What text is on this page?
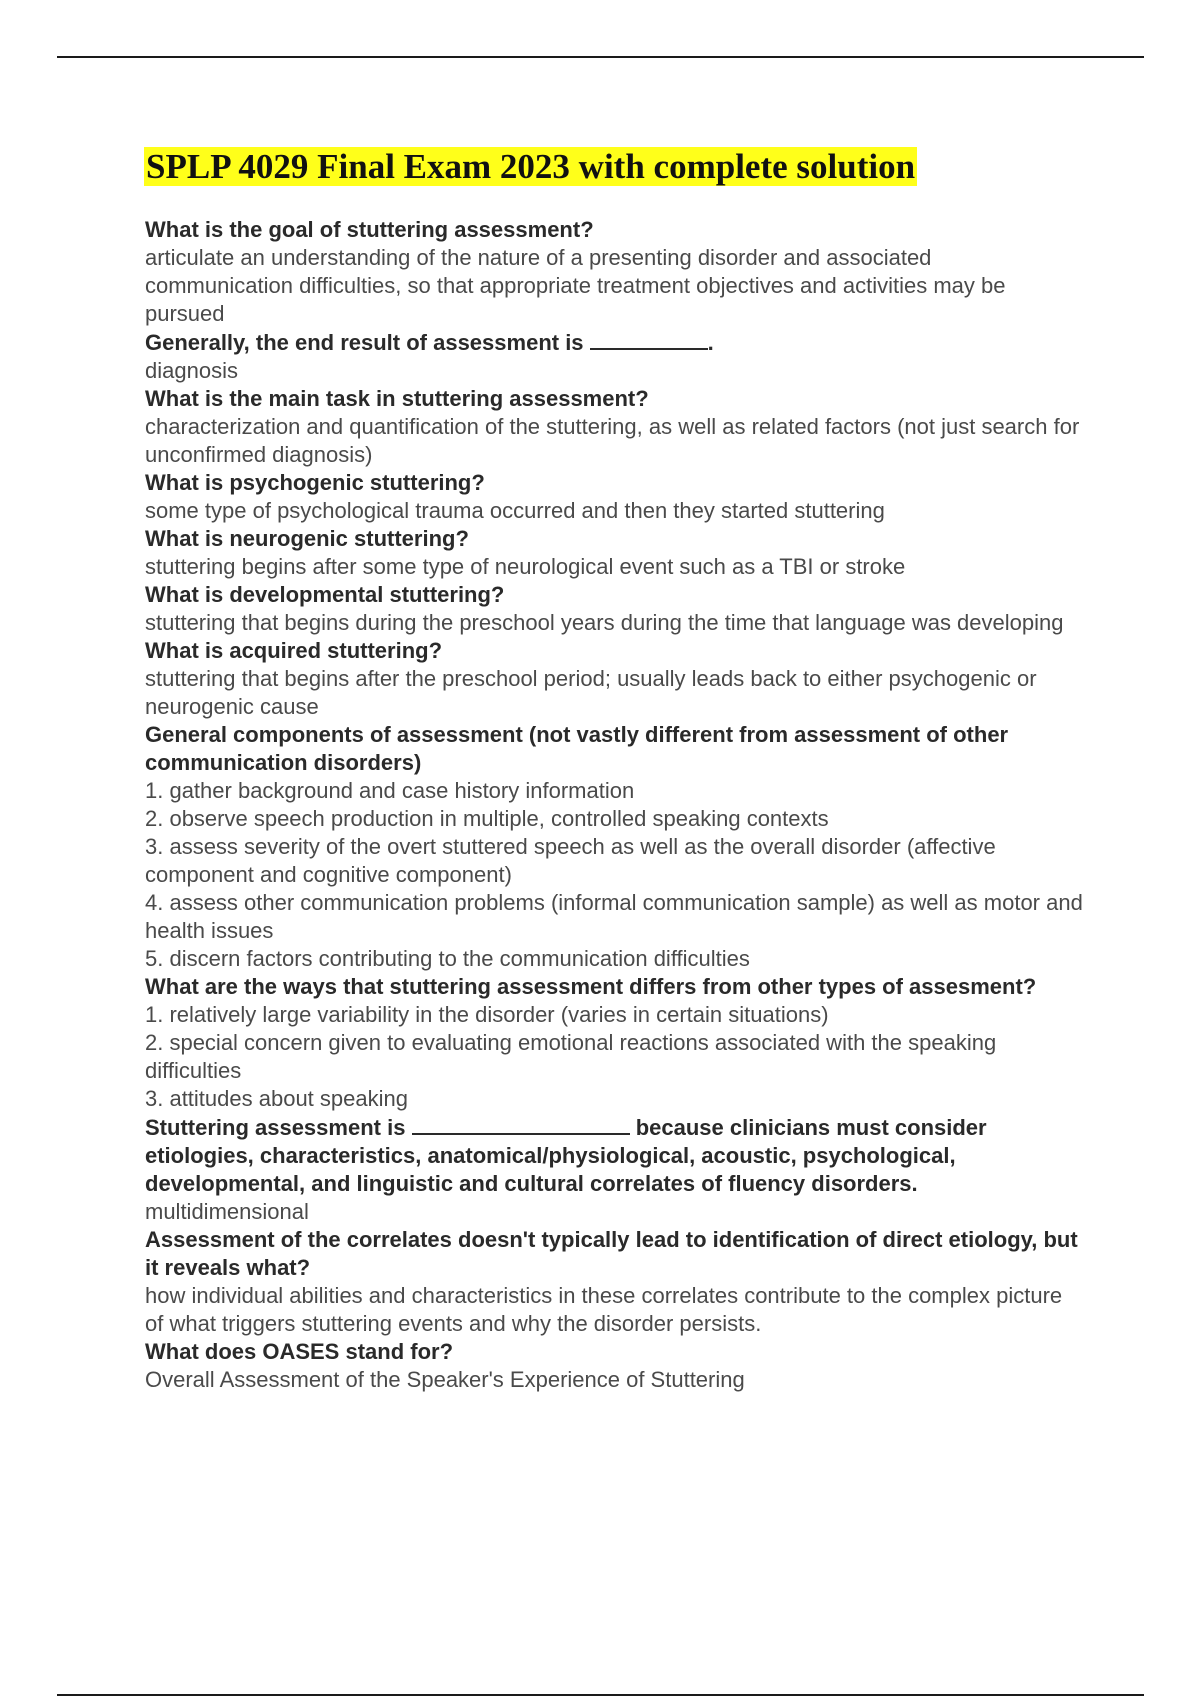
SPLP 4029 Final Exam 2023 with complete solution

What is the goal of stuttering assessment?

articulate an understanding of the nature of a presenting disorder and associated communication difficulties, so that appropriate treatment objectives and activities may be pursued

Generally, the end result of assessment is	.

diagnosis

What is the main task in stuttering assessment?

characterization and quantification of the stuttering, as well as related factors (not just search for unconfirmed diagnosis)

What is psychogenic stuttering?

some type of psychological trauma occurred and then they started stuttering

What is neurogenic stuttering?

stuttering begins after some type of neurological event such as a TBI or stroke

What is developmental stuttering?

stuttering that begins during the preschool years during the time that language was developing

What is acquired stuttering?

stuttering that begins after the preschool period; usually leads back to either psychogenic or neurogenic cause

General components of assessment (not vastly different from assessment of other communication disorders)

1. gather background and case history information

2. observe speech production in multiple, controlled speaking contexts

3. assess severity of the overt stuttered speech as well as the overall disorder (affective component and cognitive component)

4. assess other communication problems (informal communication sample) as well as motor and health issues

5. discern factors contributing to the communication difficulties

What are the ways that stuttering assessment differs from other types of assesment?

1. relatively large variability in the disorder (varies in certain situations)

2. special concern given to evaluating emotional reactions associated with the speaking difficulties

3. attitudes about speaking

Stuttering assessment is	because clinicians must consider etiologies, characteristics, anatomical/physiological, acoustic, psychological, developmental, and linguistic and cultural correlates of fluency disorders.

multidimensional

Assessment of the correlates doesn't typically lead to identification of direct etiology, but it reveals what?

how individual abilities and characteristics in these correlates contribute to the complex picture of what triggers stuttering events and why the disorder persists.

What does OASES stand for?

Overall Assessment of the Speaker's Experience of Stuttering
